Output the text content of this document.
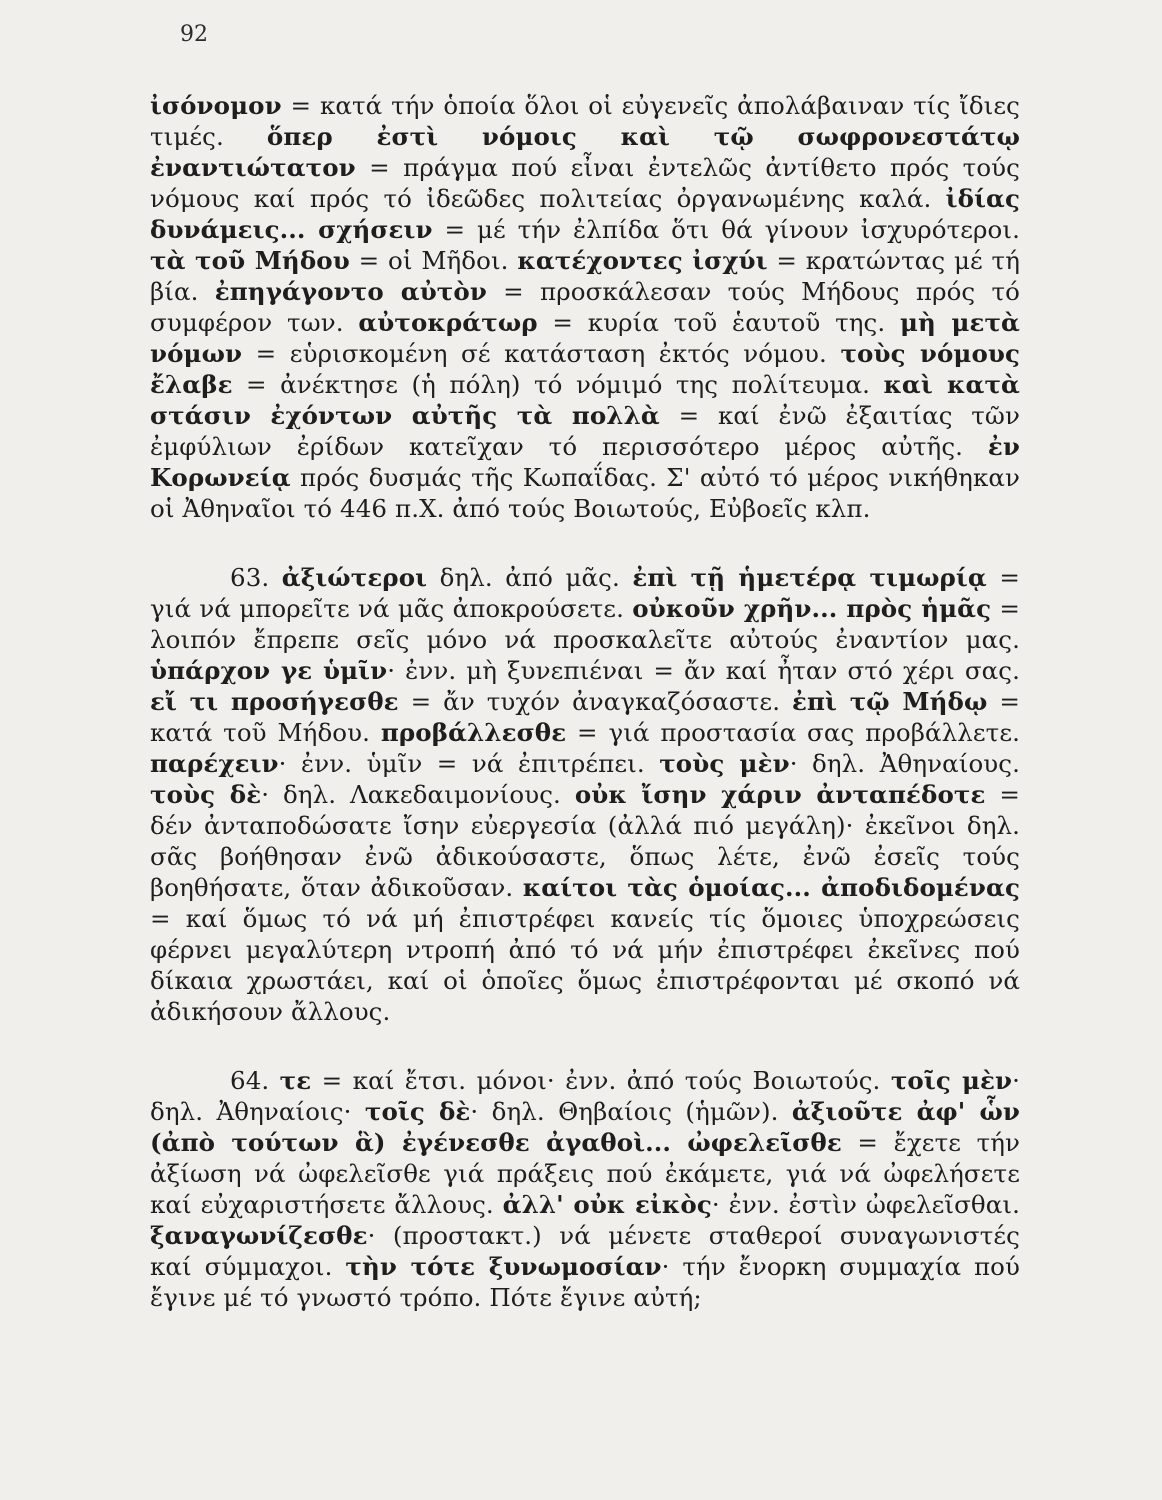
92

ἰσόνομον = κατά τήν ὁποία ὅλοι οἱ εὐγενεῖς ἀπολάβαιναν τίς ἴδιες τιμές. ὅπερ ἐστὶ νόμοις καὶ τῷ σωφρονεστάτῳ ἐναντιώτατον = πράγμα πού εἶναι ἐντελῶς ἀντίθετο πρός τούς νόμους καί πρός τό ἰδεῶδες πολιτείας ὀργανωμένης καλά. ἰδίας δυνάμεις... σχήσειν = μέ τήν ἐλπίδα ὅτι θά γίνουν ἰσχυρότεροι. τὰ τοῦ Μήδου = οἱ Μῆδοι. κατέχοντες ἰσχύι = κρατώντας μέ τή βία. ἐπηγάγοντο αὐτὸν = προσκάλεσαν τούς Μήδους πρός τό συμφέρον των. αὐτοκράτωρ = κυρία τοῦ ἑαυτοῦ της. μὴ μετὰ νόμων = εὑρισκομένη σέ κατάσταση ἐκτός νόμου. τοὺς νόμους ἔλαβε = ἀνέκτησε (ἡ πόλη) τό νόμιμό της πολίτευμα. καὶ κατὰ στάσιν ἐχόντων αὐτῆς τὰ πολλὰ = καί ἐνῶ ἐξαιτίας τῶν ἐμφύλιων ἐρίδων κατεῖχαν τό περισσότερο μέρος αὐτῆς. ἐν Κορωνείᾳ πρός δυσμάς τῆς Κωπαΐδας. Σ' αὐτό τό μέρος νικήθηκαν οἱ Ἀθηναῖοι τό 446 π.Χ. ἀπό τούς Βοιωτούς, Εὐβοεῖς κλπ.

63. ἀξιώτεροι δηλ. ἀπό μᾶς. ἐπὶ τῇ ἡμετέρᾳ τιμωρίᾳ = γιά νά μπορεῖτε νά μᾶς ἀποκρούσετε. οὐκοῦν χρῆν... πρὸς ἡμᾶς = λοιπόν ἔπρεπε σεῖς μόνο νά προσκαλεῖτε αὐτούς ἐναντίον μας. ὑπάρχον γε ὑμῖν· ἐνν. μὴ ξυνεπιέναι = ἄν καί ἦταν στό χέρι σας. εἴ τι προσήγεσθε = ἄν τυχόν ἀναγκαζόσαστε. ἐπὶ τῷ Μήδῳ = κατά τοῦ Μήδου. προβάλλεσθε = γιά προστασία σας προβάλλετε. παρέχειν· ἐνν. ὑμῖν = νά ἐπιτρέπει. τοὺς μὲν· δηλ. Ἀθηναίους. τοὺς δὲ· δηλ. Λακεδαιμονίους. οὐκ ἴσην χάριν ἀνταπέδοτε = δέν ἀνταποδώσατε ἴσην εὐεργεσία (ἀλλά πιό μεγάλη)· ἐκεῖνοι δηλ. σᾶς βοήθησαν ἐνῶ ἀδικούσαστε, ὅπως λέτε, ἐνῶ ἐσεῖς τούς βοηθήσατε, ὅταν ἀδικοῦσαν. καίτοι τὰς ὁμοίας... ἀποδιδομένας = καί ὅμως τό νά μή ἐπιστρέφει κανείς τίς ὅμοιες ὑποχρεώσεις φέρνει μεγαλύτερη ντροπή ἀπό τό νά μήν ἐπιστρέφει ἐκεῖνες πού δίκαια χρωστάει, καί οἱ ὁποῖες ὅμως ἐπιστρέφονται μέ σκοπό νά ἀδικήσουν ἄλλους.

64. τε = καί ἔτσι. μόνοι· ἐνν. ἀπό τούς Βοιωτούς. τοῖς μὲν· δηλ. Ἀθηναίοις· τοῖς δὲ· δηλ. Θηβαίοις (ἡμῶν). ἀξιοῦτε ἀφ' ὧν (ἀπὸ τούτων ἃ) ἐγένεσθε ἀγαθοὶ... ὠφελεῖσθε = ἔχετε τήν ἀξίωση νά ὠφελεῖσθε γιά πράξεις πού ἐκάμετε, γιά νά ὠφελήσετε καί εὐχαριστήσετε ἄλλους. ἀλλ' οὐκ εἰκὸς· ἐνν. ἐστὶν ὠφελεῖσθαι. ξαναγωνίζεσθε· (προστακτ.) νά μένετε σταθεροί συναγωνιστές καί σύμμαχοι. τὴν τότε ξυνωμοσίαν· τήν ἔνορκη συμμαχία πού ἔγινε μέ τό γνωστό τρόπο. Πότε ἔγινε αὐτή;
